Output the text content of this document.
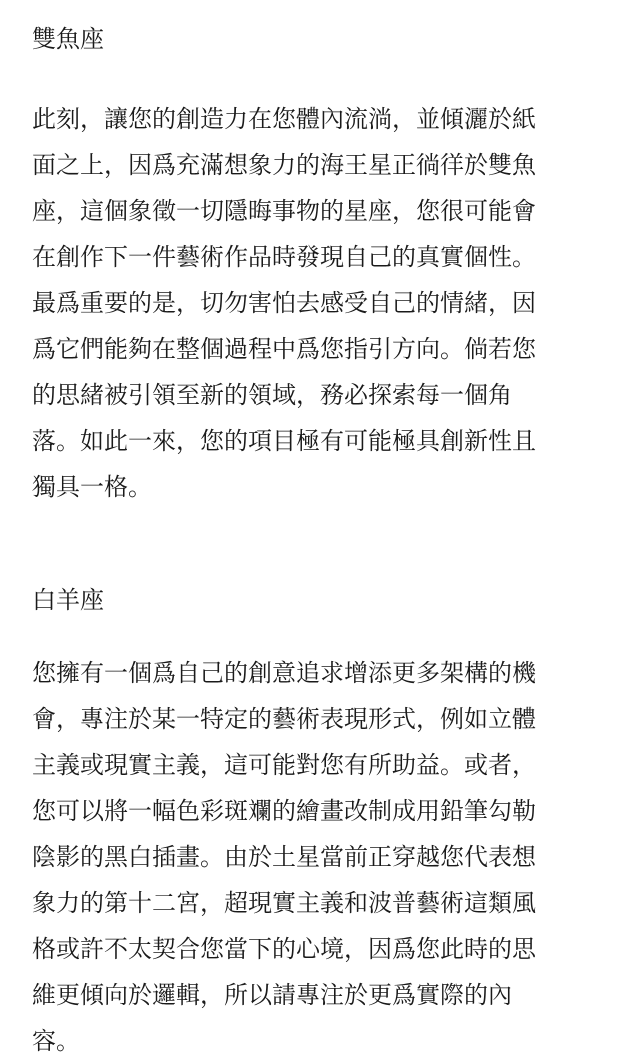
雙魚座
此刻，讓您的創造力在您體內流淌，並傾灑於紙
面之上，因爲充滿想象力的海王星正徜徉於雙魚
座，這個象徵一切隱晦事物的星座，您很可能會
在創作下一件藝術作品時發現自己的真實個性。
最爲重要的是，切勿害怕去感受自己的情緒，因
爲它們能夠在整個過程中爲您指引方向。倘若您
的思緒被引領至新的領域，務必探索每一個角
落。如此一來，您的項目極有可能極具創新性且
獨具一格。
白羊座
您擁有一個爲自己的創意追求增添更多架構的機
會，專注於某一特定的藝術表現形式，例如立體
主義或現實主義，這可能對您有所助益。或者，
您可以將一幅色彩斑斕的繪畫改制成用鉛筆勾勒
陰影的黑白插畫。由於土星當前正穿越您代表想
象力的第十二宮，超現實主義和波普藝術這類風
格或許不太契合您當下的心境，因爲您此時的思
維更傾向於邏輯，所以請專注於更爲實際的內
容。
